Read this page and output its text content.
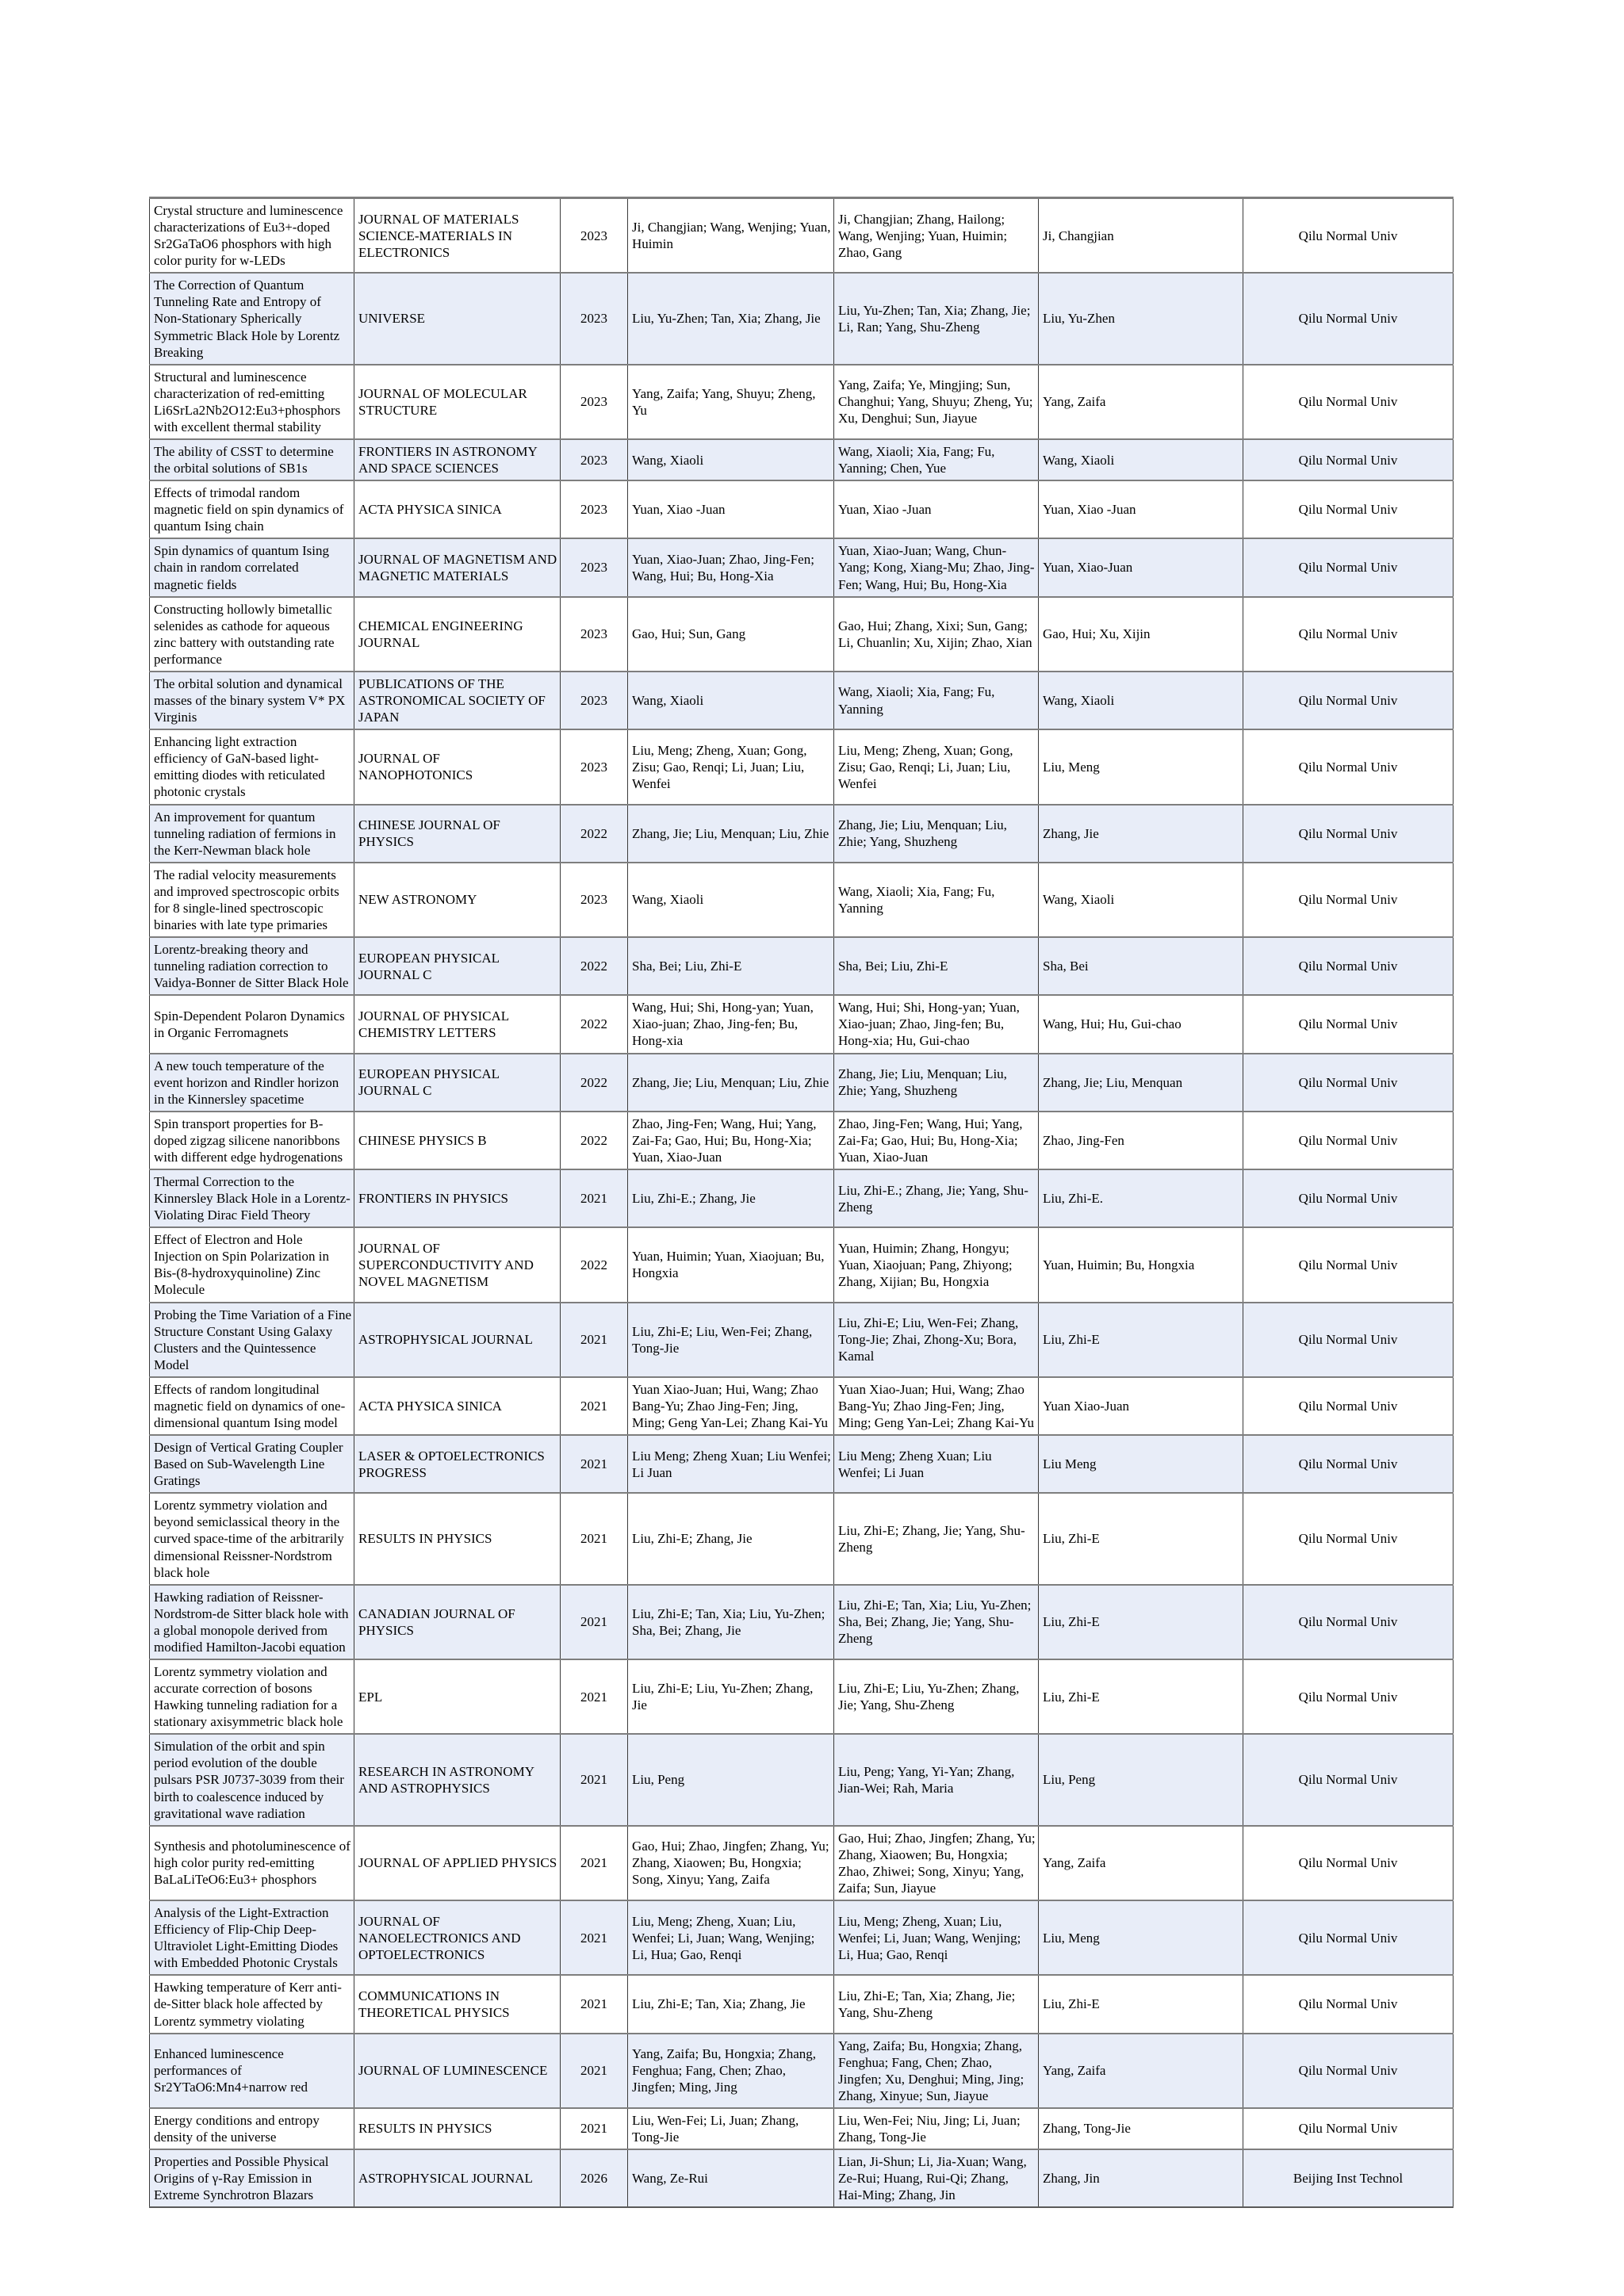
Crystal structure and luminescence characterizations of Eu3+-doped Sr2GaTaO6 phosphors with high color purity for w-LEDs	JOURNAL OF MATERIALS SCIENCE-MATERIALS IN ELECTRONICS	2023	Ji, Changjian; Wang, Wenjing; Yuan, Huimin	Ji, Changjian; Zhang, Hailong; Wang, Wenjing; Yuan, Huimin; Zhao, Gang	Ji, Changjian	Qilu Normal Univ
The Correction of Quantum Tunneling Rate and Entropy of Non-Stationary Spherically Symmetric Black Hole by Lorentz Breaking	UNIVERSE	2023	Liu, Yu-Zhen; Tan, Xia; Zhang, Jie	Liu, Yu-Zhen; Tan, Xia; Zhang, Jie; Li, Ran; Yang, Shu-Zheng	Liu, Yu-Zhen	Qilu Normal Univ
Structural and luminescence characterization of red-emitting Li6SrLa2Nb2O12:Eu3+phosphors with excellent thermal stability	JOURNAL OF MOLECULAR STRUCTURE	2023	Yang, Zaifa; Yang, Shuyu; Zheng, Yu	Yang, Zaifa; Ye, Mingjing; Sun, Changhui; Yang, Shuyu; Zheng, Yu; Xu, Denghui; Sun, Jiayue	Yang, Zaifa	Qilu Normal Univ
The ability of CSST to determine the orbital solutions of SB1s	FRONTIERS IN ASTRONOMY AND SPACE SCIENCES	2023	Wang, Xiaoli	Wang, Xiaoli; Xia, Fang; Fu, Yanning; Chen, Yue	Wang, Xiaoli	Qilu Normal Univ
Effects of trimodal random magnetic field on spin dynamics of quantum Ising chain	ACTA PHYSICA SINICA	2023	Yuan, Xiao -Juan	Yuan, Xiao -Juan	Yuan, Xiao -Juan	Qilu Normal Univ
Spin dynamics of quantum Ising chain in random correlated magnetic fields	JOURNAL OF MAGNETISM AND MAGNETIC MATERIALS	2023	Yuan, Xiao-Juan; Zhao, Jing-Fen; Wang, Hui; Bu, Hong-Xia	Yuan, Xiao-Juan; Wang, Chun-Yang; Kong, Xiang-Mu; Zhao, Jing-Fen; Wang, Hui; Bu, Hong-Xia	Yuan, Xiao-Juan	Qilu Normal Univ
Constructing hollowly bimetallic selenides as cathode for aqueous zinc battery with outstanding rate performance	CHEMICAL ENGINEERING JOURNAL	2023	Gao, Hui; Sun, Gang	Gao, Hui; Zhang, Xixi; Sun, Gang; Li, Chuanlin; Xu, Xijin; Zhao, Xian	Gao, Hui; Xu, Xijin	Qilu Normal Univ
The orbital solution and dynamical masses of the binary system V* PX Virginis	PUBLICATIONS OF THE ASTRONOMICAL SOCIETY OF JAPAN	2023	Wang, Xiaoli	Wang, Xiaoli; Xia, Fang; Fu, Yanning	Wang, Xiaoli	Qilu Normal Univ
Enhancing light extraction efficiency of GaN-based light-emitting diodes with reticulated photonic crystals	JOURNAL OF NANOPHOTONICS	2023	Liu, Meng; Zheng, Xuan; Gong, Zisu; Gao, Renqi; Li, Juan; Liu, Wenfei	Liu, Meng; Zheng, Xuan; Gong, Zisu; Gao, Renqi; Li, Juan; Liu, Wenfei	Liu, Meng	Qilu Normal Univ
An improvement for quantum tunneling radiation of fermions in the Kerr-Newman black hole	CHINESE JOURNAL OF PHYSICS	2022	Zhang, Jie; Liu, Menquan; Liu, Zhie	Zhang, Jie; Liu, Menquan; Liu, Zhie; Yang, Shuzheng	Zhang, Jie	Qilu Normal Univ
The radial velocity measurements and improved spectroscopic orbits for 8 single-lined spectroscopic binaries with late type primaries	NEW ASTRONOMY	2023	Wang, Xiaoli	Wang, Xiaoli; Xia, Fang; Fu, Yanning	Wang, Xiaoli	Qilu Normal Univ
Lorentz-breaking theory and tunneling radiation correction to Vaidya-Bonner de Sitter Black Hole	EUROPEAN PHYSICAL JOURNAL C	2022	Sha, Bei; Liu, Zhi-E	Sha, Bei; Liu, Zhi-E	Sha, Bei	Qilu Normal Univ
Spin-Dependent Polaron Dynamics in Organic Ferromagnets	JOURNAL OF PHYSICAL CHEMISTRY LETTERS	2022	Wang, Hui; Shi, Hong-yan; Yuan, Xiao-juan; Zhao, Jing-fen; Bu, Hong-xia	Wang, Hui; Shi, Hong-yan; Yuan, Xiao-juan; Zhao, Jing-fen; Bu, Hong-xia; Hu, Gui-chao	Wang, Hui; Hu, Gui-chao	Qilu Normal Univ
A new touch temperature of the event horizon and Rindler horizon in the Kinnersley spacetime	EUROPEAN PHYSICAL JOURNAL C	2022	Zhang, Jie; Liu, Menquan; Liu, Zhie	Zhang, Jie; Liu, Menquan; Liu, Zhie; Yang, Shuzheng	Zhang, Jie; Liu, Menquan	Qilu Normal Univ
Spin transport properties for B-doped zigzag silicene nanoribbons with different edge hydrogenations	CHINESE PHYSICS B	2022	Zhao, Jing-Fen; Wang, Hui; Yang, Zai-Fa; Gao, Hui; Bu, Hong-Xia; Yuan, Xiao-Juan	Zhao, Jing-Fen; Wang, Hui; Yang, Zai-Fa; Gao, Hui; Bu, Hong-Xia; Yuan, Xiao-Juan	Zhao, Jing-Fen	Qilu Normal Univ
Thermal Correction to the Kinnersley Black Hole in a Lorentz-Violating Dirac Field Theory	FRONTIERS IN PHYSICS	2021	Liu, Zhi-E.; Zhang, Jie	Liu, Zhi-E.; Zhang, Jie; Yang, Shu-Zheng	Liu, Zhi-E.	Qilu Normal Univ
Effect of Electron and Hole Injection on Spin Polarization in Bis-(8-hydroxyquinoline) Zinc Molecule	JOURNAL OF SUPERCONDUCTIVITY AND NOVEL MAGNETISM	2022	Yuan, Huimin; Yuan, Xiaojuan; Bu, Hongxia	Yuan, Huimin; Zhang, Hongyu; Yuan, Xiaojuan; Pang, Zhiyong; Zhang, Xijian; Bu, Hongxia	Yuan, Huimin; Bu, Hongxia	Qilu Normal Univ
Probing the Time Variation of a Fine Structure Constant Using Galaxy Clusters and the Quintessence Model	ASTROPHYSICAL JOURNAL	2021	Liu, Zhi-E; Liu, Wen-Fei; Zhang, Tong-Jie	Liu, Zhi-E; Liu, Wen-Fei; Zhang, Tong-Jie; Zhai, Zhong-Xu; Bora, Kamal	Liu, Zhi-E	Qilu Normal Univ
Effects of random longitudinal magnetic field on dynamics of one-dimensional quantum Ising model	ACTA PHYSICA SINICA	2021	Yuan Xiao-Juan; Hui, Wang; Zhao Bang-Yu; Zhao Jing-Fen; Jing, Ming; Geng Yan-Lei; Zhang Kai-Yu	Yuan Xiao-Juan; Hui, Wang; Zhao Bang-Yu; Zhao Jing-Fen; Jing, Ming; Geng Yan-Lei; Zhang Kai-Yu	Yuan Xiao-Juan	Qilu Normal Univ
Design of Vertical Grating Coupler Based on Sub-Wavelength Line Gratings	LASER & OPTOELECTRONICS PROGRESS	2021	Liu Meng; Zheng Xuan; Liu Wenfei; Li Juan	Liu Meng; Zheng Xuan; Liu Wenfei; Li Juan	Liu Meng	Qilu Normal Univ
Lorentz symmetry violation and beyond semiclassical theory in the curved space-time of the arbitrarily dimensional Reissner-Nordstrom black hole	RESULTS IN PHYSICS	2021	Liu, Zhi-E; Zhang, Jie	Liu, Zhi-E; Zhang, Jie; Yang, Shu-Zheng	Liu, Zhi-E	Qilu Normal Univ
Hawking radiation of Reissner-Nordstrom-de Sitter black hole with a global monopole derived from modified Hamilton-Jacobi equation	CANADIAN JOURNAL OF PHYSICS	2021	Liu, Zhi-E; Tan, Xia; Liu, Yu-Zhen; Sha, Bei; Zhang, Jie	Liu, Zhi-E; Tan, Xia; Liu, Yu-Zhen; Sha, Bei; Zhang, Jie; Yang, Shu-Zheng	Liu, Zhi-E	Qilu Normal Univ
Lorentz symmetry violation and accurate correction of bosons Hawking tunneling radiation for a stationary axisymmetric black hole	EPL	2021	Liu, Zhi-E; Liu, Yu-Zhen; Zhang, Jie	Liu, Zhi-E; Liu, Yu-Zhen; Zhang, Jie; Yang, Shu-Zheng	Liu, Zhi-E	Qilu Normal Univ
Simulation of the orbit and spin period evolution of the double pulsars PSR J0737-3039 from their birth to coalescence induced by gravitational wave radiation	RESEARCH IN ASTRONOMY AND ASTROPHYSICS	2021	Liu, Peng	Liu, Peng; Yang, Yi-Yan; Zhang, Jian-Wei; Rah, Maria	Liu, Peng	Qilu Normal Univ
Synthesis and photoluminescence of high color purity red-emitting BaLaLiTeO6:Eu3+ phosphors	JOURNAL OF APPLIED PHYSICS	2021	Gao, Hui; Zhao, Jingfen; Zhang, Yu; Zhang, Xiaowen; Bu, Hongxia; Song, Xinyu; Yang, Zaifa	Gao, Hui; Zhao, Jingfen; Zhang, Yu; Zhang, Xiaowen; Bu, Hongxia; Zhao, Zhiwei; Song, Xinyu; Yang, Zaifa; Sun, Jiayue	Yang, Zaifa	Qilu Normal Univ
Analysis of the Light-Extraction Efficiency of Flip-Chip Deep-Ultraviolet Light-Emitting Diodes with Embedded Photonic Crystals	JOURNAL OF NANOELECTRONICS AND OPTOELECTRONICS	2021	Liu, Meng; Zheng, Xuan; Liu, Wenfei; Li, Juan; Wang, Wenjing; Li, Hua; Gao, Renqi	Liu, Meng; Zheng, Xuan; Liu, Wenfei; Li, Juan; Wang, Wenjing; Li, Hua; Gao, Renqi	Liu, Meng	Qilu Normal Univ
Hawking temperature of Kerr anti-de-Sitter black hole affected by Lorentz symmetry violating	COMMUNICATIONS IN THEORETICAL PHYSICS	2021	Liu, Zhi-E; Tan, Xia; Zhang, Jie	Liu, Zhi-E; Tan, Xia; Zhang, Jie; Yang, Shu-Zheng	Liu, Zhi-E	Qilu Normal Univ
Enhanced luminescence performances of Sr2YTaO6:Mn4+narrow red	JOURNAL OF LUMINESCENCE	2021	Yang, Zaifa; Bu, Hongxia; Zhang, Fenghua; Fang, Chen; Zhao, Jingfen; Ming, Jing	Yang, Zaifa; Bu, Hongxia; Zhang, Fenghua; Fang, Chen; Zhao, Jingfen; Xu, Denghui; Ming, Jing; Zhang, Xinyue; Sun, Jiayue	Yang, Zaifa	Qilu Normal Univ
Energy conditions and entropy density of the universe	RESULTS IN PHYSICS	2021	Liu, Wen-Fei; Li, Juan; Zhang, Tong-Jie	Liu, Wen-Fei; Niu, Jing; Li, Juan; Zhang, Tong-Jie	Zhang, Tong-Jie	Qilu Normal Univ
Properties and Possible Physical Origins of γ-Ray Emission in Extreme Synchrotron Blazars	ASTROPHYSICAL JOURNAL	2026	Wang, Ze-Rui	Lian, Ji-Shun; Li, Jia-Xuan; Wang, Ze-Rui; Huang, Rui-Qi; Zhang, Hai-Ming; Zhang, Jin	Zhang, Jin	Beijing Inst Technol
